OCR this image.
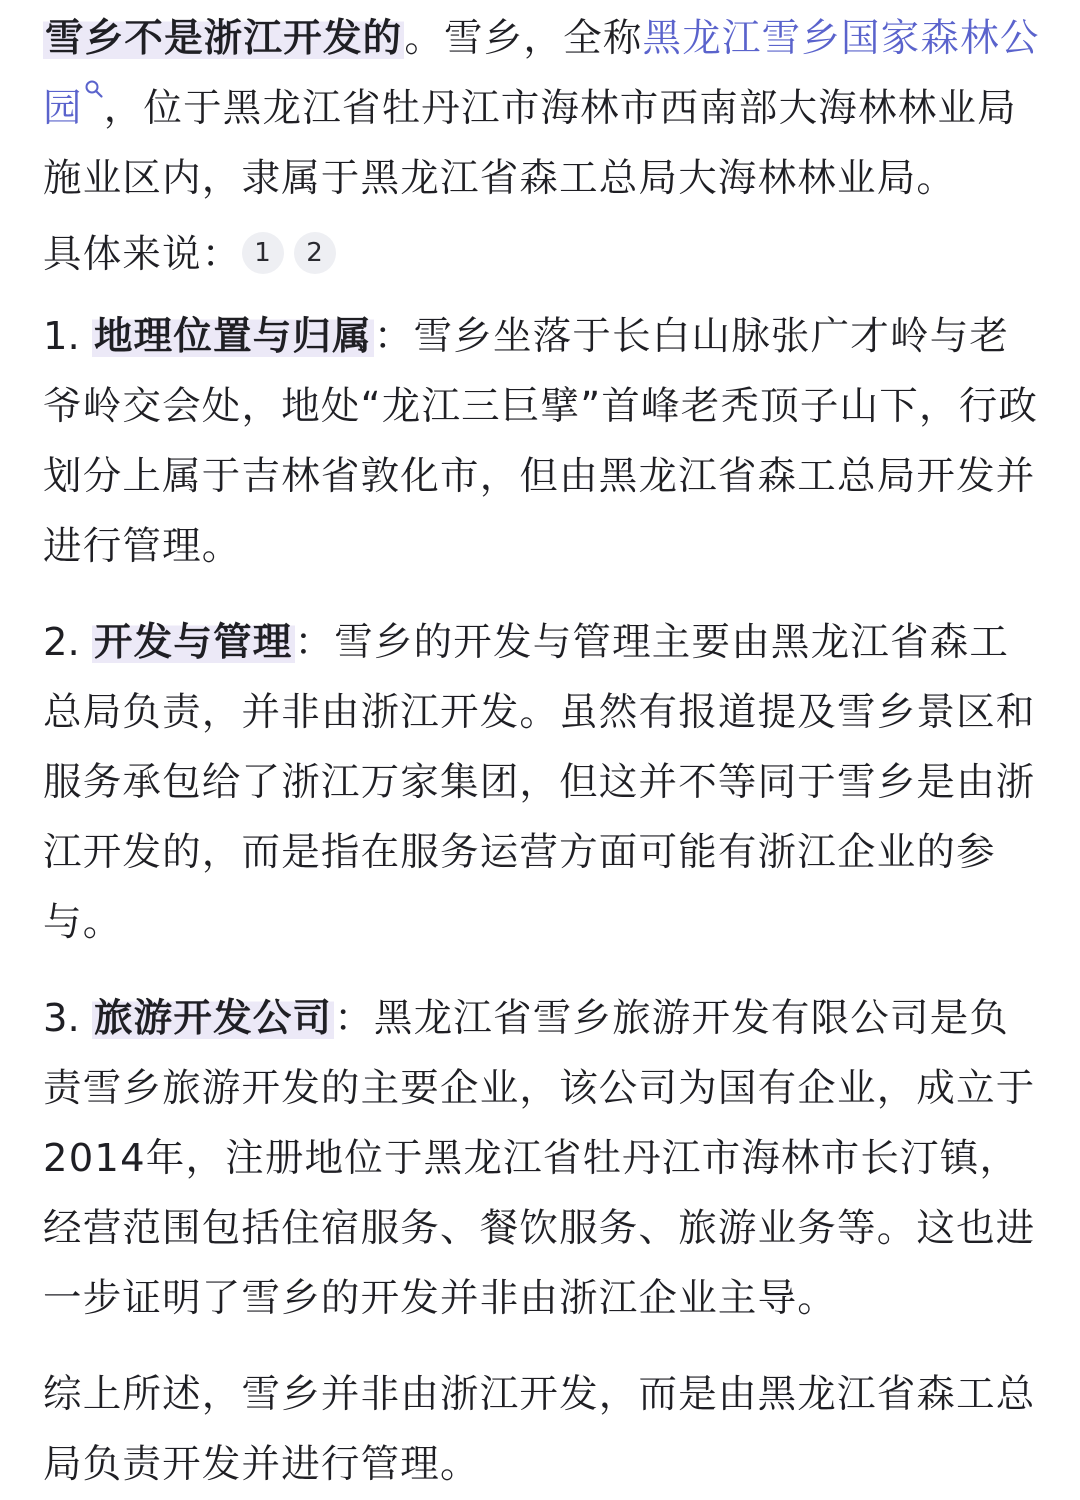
雪乡不是浙江开发的。雪乡，全称黑龙江雪乡国家森林公园 ，位于黑龙江省牡丹江市海林市西南部大海林林业局施业区内，隶属于黑龙江省森工总局大海林林业局。

具体来说： 1 2

1. 地理位置与归属：雪乡坐落于长白山脉张广才岭与老爷岭交会处，地处“龙江三巨擘”首峰老秃顶子山下，行政划分上属于吉林省敦化市，但由黑龙江省森工总局开发并进行管理。

2. 开发与管理：雪乡的开发与管理主要由黑龙江省森工总局负责，并非由浙江开发。虽然有报道提及雪乡景区和服务承包给了浙江万家集团，但这并不等同于雪乡是由浙江开发的，而是指在服务运营方面可能有浙江企业的参与。

3. 旅游开发公司：黑龙江省雪乡旅游开发有限公司是负责雪乡旅游开发的主要企业，该公司为国有企业，成立于2014年，注册地位于黑龙江省牡丹江市海林市长汀镇，经营范围包括住宿服务、餐饮服务、旅游业务等。这也进一步证明了雪乡的开发并非由浙江企业主导。

综上所述，雪乡并非由浙江开发，而是由黑龙江省森工总局负责开发并进行管理。
